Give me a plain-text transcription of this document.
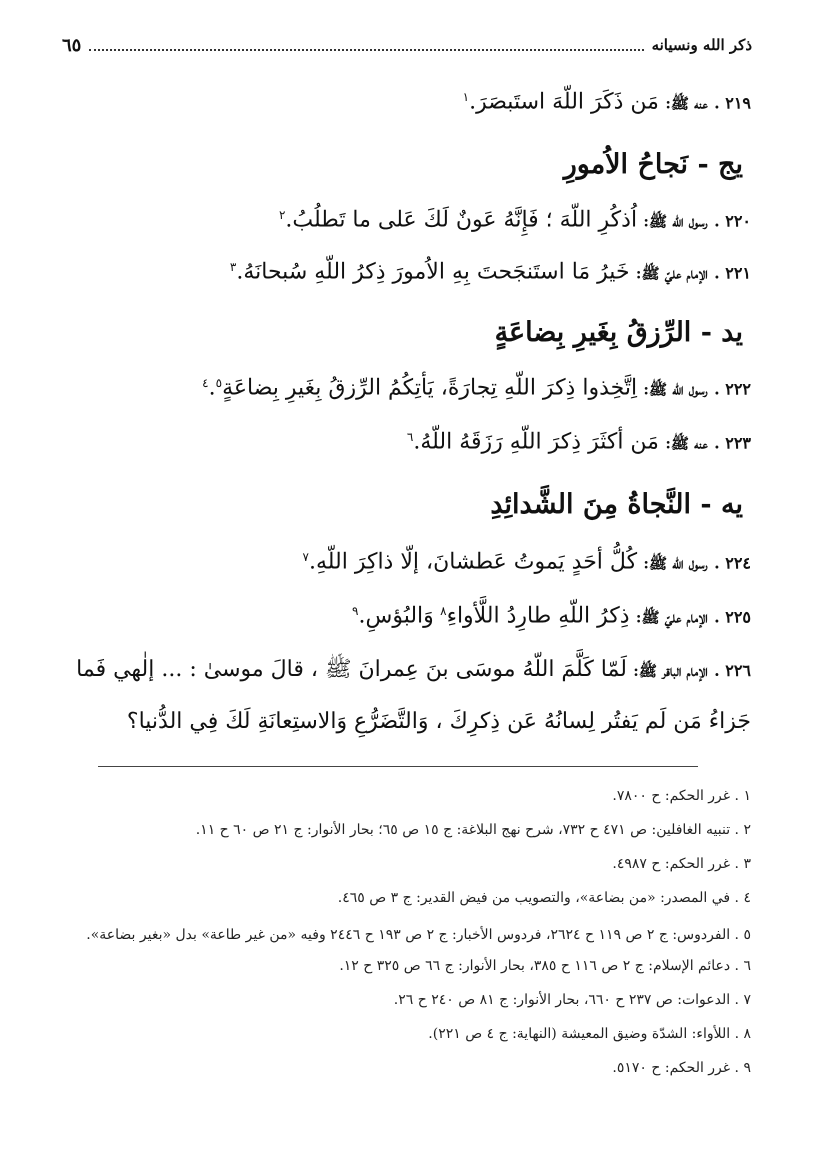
ذكر الله ونسيانه
٦٥
٢١٩ . عنه ﷺ: مَن ذَكَرَ اللّهَ استَبصَرَ.$^١$
يج - نَجاحُ الاُمورِ
٢٢٠ . رسول الله ﷺ: اُذكُرِ اللّهَ ؛ فَإِنَّهُ عَونٌ لَكَ عَلى ما تَطلُبُ.$^٢$
٢٢١ . الإمام عليّ ﷺ: خَيرُ مَا استَنجَحتَ بِهِ الاُمورَ ذِكرُ اللّهِ سُبحانَهُ.$^٣$
يد - الرِّزقُ بِغَيرِ بِضاعَةٍ
٢٢٢ . رسول الله ﷺ: اِتَّخِذوا ذِكرَ اللّهِ تِجارَةً، يَأتِكُمُ الرِّزقُ بِغَيرِ بِضاعَةٍ$^٤$.$^٥$
٢٢٣ . عنه ﷺ: مَن أكثَرَ ذِكرَ اللّهِ رَزَقَهُ اللّهُ.$^٦$
يه - النَّجاةُ مِنَ الشَّدائِدِ
٢٢٤ . رسول الله ﷺ: كُلُّ أحَدٍ يَموتُ عَطشانَ، إلّا ذاكِرَ اللّهِ.$^٧$
٢٢٥ . الإمام عليّ ﷺ: ذِكرُ اللّهِ طارِدُ اللَّأواءِ$^٨$ وَالبُؤسِ.$^٩$
٢٢٦ . الإمام الباقر ﷺ: لَمّا كَلَّمَ اللّهُ موسَى بنَ عِمرانَ ﷺ ، قالَ موسىٰ : ... إلٰهي فَما جَزاءُ مَن لَم يَفتُر لِسانُهُ عَن ذِكرِكَ ، وَالتَّضَرُّعِ وَالاستِعانَةِ لَكَ فِي الدُّنيا؟
١ . غرر الحكم: ح ٧٨٠٠.
٢ . تنبيه الغافلين: ص ٤٧١ ح ٧٣٢، شرح نهج البلاغة: ج ١٥ ص ٦٥؛ بحار الأنوار: ج ٢١ ص ٦٠ ح ١١.
٣ . غرر الحكم: ح ٤٩٨٧.
٤ . في المصدر: «من بضاعة»، والتصويب من فيض القدير: ج ٣ ص ٤٦٥.
٥ . الفردوس: ج ٢ ص ١١٩ ح ٢٦٢٤، فردوس الأخبار: ج ٢ ص ١٩٣ ح ٢٤٤٦ وفيه «من غير طاعة» بدل «بغير بضاعة».
٦ . دعائم الإسلام: ج ٢ ص ١١٦ ح ٣٨٥، بحار الأنوار: ج ٦٦ ص ٣٢٥ ح ١٢.
٧ . الدعوات: ص ٢٣٧ ح ٦٦٠، بحار الأنوار: ج ٨١ ص ٢٤٠ ح ٢٦.
٨ . اللأواء: الشدّة وضيق المعيشة (النهاية: ج ٤ ص ٢٢١).
٩ . غرر الحكم: ح ٥١٧٠.
